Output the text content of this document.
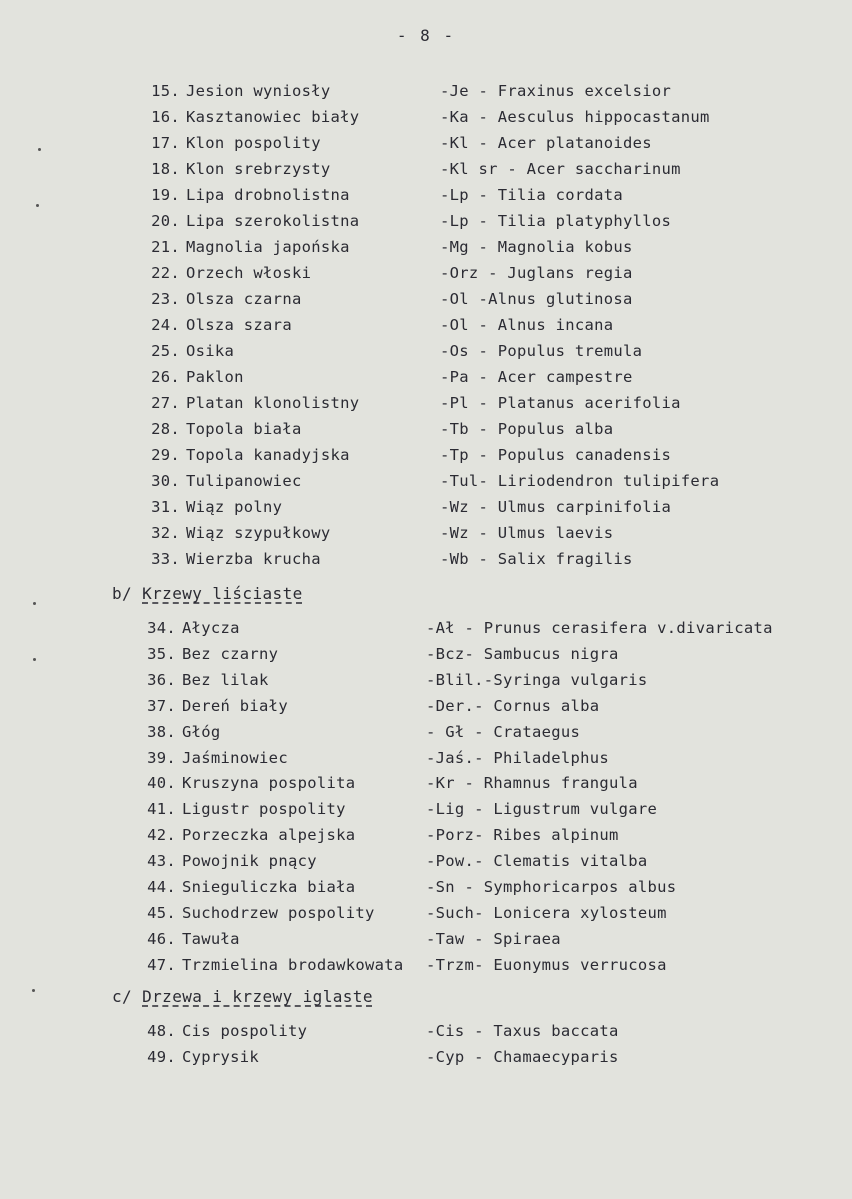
- 8 -
15. Jesion wyniosły	-Je - Fraxinus excelsior
16. Kasztanowiec biały	-Ka - Aesculus hippocastanum
17. Klon pospolity	-Kl - Acer platanoides
18. Klon srebrzysty	-Kl sr - Acer saccharinum
19. Lipa drobnolistna	-Lp - Tilia cordata
20. Lipa szerokolistna	-Lp - Tilia platyphyllos
21. Magnolia japońska	-Mg - Magnolia kobus
22. Orzech włoski	-Orz - Juglans regia
23. Olsza czarna	-Ol -Alnus glutinosa
24. Olsza szara	-Ol - Alnus incana
25. Osika	-Os - Populus tremula
26. Paklon	-Pa - Acer campestre
27. Platan klonolistny	-Pl - Platanus acerifolia
28. Topola biała	-Tb - Populus alba
29. Topola kanadyjska	-Tp - Populus canadensis
30. Tulipanowiec	-Tul- Liriodendron tulipifera
31. Wiąz polny	-Wz - Ulmus carpinifolia
32. Wiąz szypułkowy	-Wz - Ulmus laevis
33. Wierzba krucha	-Wb - Salix fragilis
b/ Krzewy liściaste
34. Ałycza	-Ał - Prunus cerasifera v.divaricata
35. Bez czarny	-Bcz- Sambucus nigra
36. Bez lilak	-Blil.-Syringa vulgaris
37. Dereń biały	-Der.- Cornus alba
38. Głóg	- Gł - Crataegus
39. Jaśminowiec	-Jaś.- Philadelphus
40. Kruszyna pospolita	-Kr - Rhamnus frangula
41. Ligustr pospolity	-Lig - Ligustrum vulgare
42. Porzeczka alpejska	-Porz- Ribes alpinum
43. Powojnik pnący	-Pow.- Clematis vitalba
44. Snieguliczka biała	-Sn - Symphoricarpos albus
45. Suchodrzew pospolity	-Such- Lonicera xylosteum
46. Tawuła	-Taw - Spiraea
47. Trzmielina brodawkowata -Trzm- Euonymus verrucosa
c/ Drzewa i krzewy iglaste
48. Cis pospolity	-Cis - Taxus baccata
49. Cyprysik	-Cyp - Chamaecyparis
